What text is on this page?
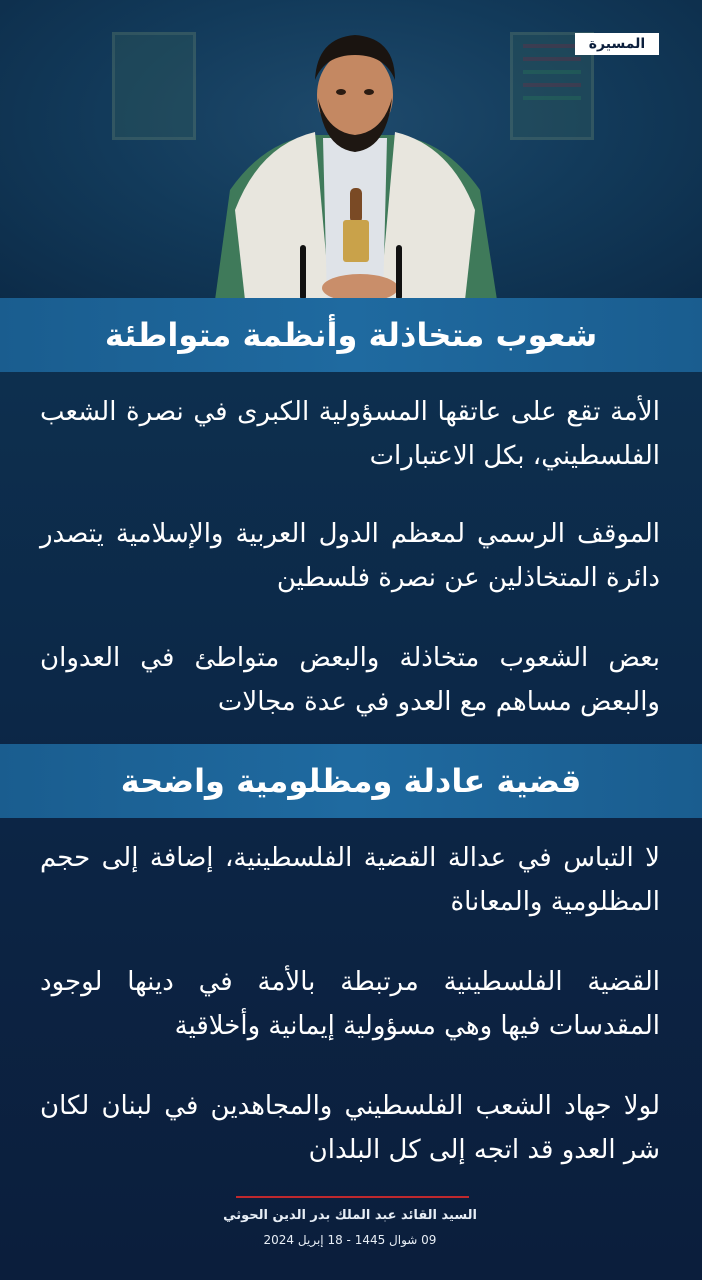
المسيرة
شعوب متخاذلة وأنظمة متواطئة
الأمة تقع على عاتقها المسؤولية الكبرى في نصرة الشعب الفلسطيني، بكل الاعتبارات
الموقف الرسمي لمعظم الدول العربية والإسلامية يتصدر دائرة المتخاذلين عن نصرة فلسطين
بعض الشعوب متخاذلة والبعض متواطئ في العدوان والبعض مساهم مع العدو في عدة مجالات
قضية عادلة ومظلومية واضحة
لا التباس في عدالة القضية الفلسطينية، إضافة إلى حجم المظلومية والمعاناة
القضية الفلسطينية مرتبطة بالأمة في دينها لوجود المقدسات فيها وهي مسؤولية إيمانية وأخلاقية
لولا جهاد الشعب الفلسطيني والمجاهدين في لبنان لكان شر العدو قد اتجه إلى كل البلدان
السيد القائد عبد الملك بدر الدين الحوثي
09 شوال 1445 - 18 إبريل 2024
